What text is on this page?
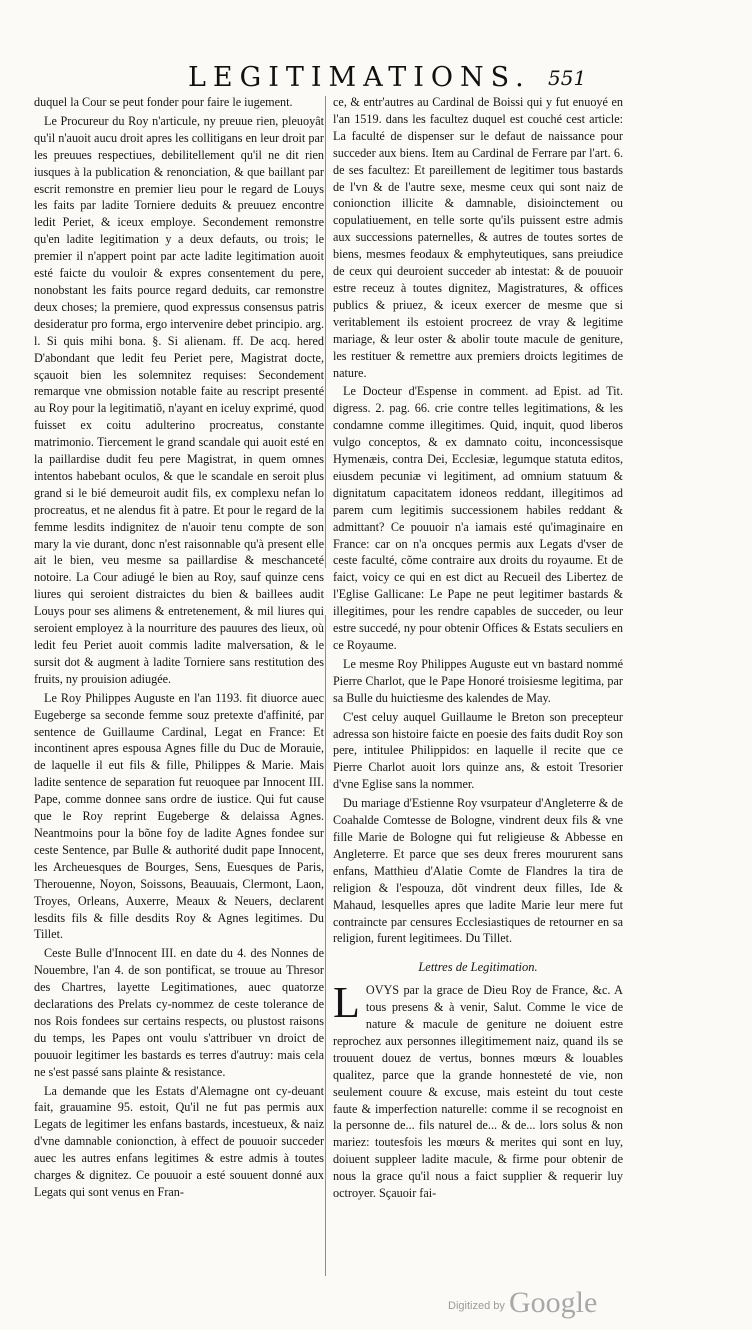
LEGITIMATIONS. 551

duquel la Cour se peut fonder pour faire le iugement.

Le Procureur du Roy n'articule, ny preuue rien, pleuoyât qu'il n'auoit aucu droit apres les collitigans en leur droit par les preuues respectiues, debilitellement qu'il ne dit rien iusques à la publication & renonciation, & que baillant par escrit remonstre en premier lieu pour le regard de Louys les faits par ladite Torniere deduits & preuuez encontre ledit Periet, & iceux employe. Secondement remonstre qu'en ladite legitimation y a deux defauts, ou trois; le premier il n'appert point par acte ladite legitimation auoit esté faicte du vouloir & expres consentement du pere, nonobstant les faits pource regard deduits, car remonstre deux choses; la premiere, quod expressus consensus patris desideratur pro forma, ergo intervenire debet principio. arg. l. Si quis mihi bona. §. Si alienam. ff. De acq. hered D'abondant que ledit feu Periet pere, Magistrat docte, sçauoit bien les solemnitez requises: Secondement remarque vne obmission notable faite au rescript presenté au Roy pour la legitimatiõ, n'ayant en iceluy exprimé, quod fuisset ex coitu adulterino procreatus, constante matrimonio. Tiercement le grand scandale qui auoit esté en la paillardise dudit feu pere Magistrat, in quem omnes intentos habebant oculos, & que le scandale en seroit plus grand si le bié demeuroit audit fils, ex complexu nefan lo procreatus, et ne alendus fit à patre. Et pour le regard de la femme lesdits indignitez de n'auoir tenu compte de son mary la vie durant, donc n'est raisonnable qu'à present elle ait le bien, veu mesme sa paillardise & meschanceté notoire. La Cour adiugé le bien au Roy, sauf quinze cens liures qui seroient distraictes du bien & baillees audit Louys pour ses alimens & entretenement, & mil liures qui seroient employez à la nourriture des pauures des lieux, où ledit feu Periet auoit commis ladite malversation, & le sursit dot & augment à ladite Torniere sans restitution des fruits, ny prouision adiugée.

Le Roy Philippes Auguste en l'an 1193. fit diuorce auec Eugeberge sa seconde femme souz pretexte d'affinité, par sentence de Guillaume Cardinal, Legat en France: Et incontinent apres espousa Agnes fille du Duc de Morauie, de laquelle il eut fils & fille, Philippes & Marie. Mais ladite sentence de separation fut reuoquee par Innocent III. Pape, comme donnee sans ordre de iustice. Qui fut cause que le Roy reprint Eugeberge & delaissa Agnes. Neantmoins pour la bõne foy de ladite Agnes fondee sur ceste Sentence, par Bulle & authorité dudit pape Innocent, les Archeuesques de Bourges, Sens, Euesques de Paris, Therouenne, Noyon, Soissons, Beauuais, Clermont, Laon, Troyes, Orleans, Auxerre, Meaux & Neuers, declarent lesdits fils & fille desdits Roy & Agnes legitimes. Du Tillet.

Ceste Bulle d'Innocent III. en date du 4. des Nonnes de Nouembre, l'an 4. de son pontificat, se trouue au Thresor des Chartres, layette Legitimationes, auec quatorze declarations des Prelats cy-nommez de ceste tolerance de nos Rois fondees sur certains respects, ou plustost raisons du temps, les Papes ont voulu s'attribuer vn droict de pouuoir legitimer les bastards es terres d'autruy: mais cela ne s'est passé sans plainte & resistance.

La demande que les Estats d'Alemagne ont cy-deuant fait, grauamine 95. estoit, Qu'il ne fut pas permis aux Legats de legitimer les enfans bastards, incestueux, & naiz d'vne damnable conionction, à effect de pouuoir succeder auec les autres enfans legitimes & estre admis à toutes charges & dignitez. Ce pouuoir a esté souuent donné aux Legats qui sont venus en Fran-

ce, & entr'autres au Cardinal de Boissi qui y fut enuoyé en l'an 1519. dans les facultez duquel est couché cest article: La faculté de dispenser sur le defaut de naissance pour succeder aux biens. Item au Cardinal de Ferrare par l'art. 6. de ses facultez: Et pareillement de legitimer tous bastards de l'vn & de l'autre sexe, mesme ceux qui sont naiz de conionction illicite & damnable, disioinctement ou copulatiuement, en telle sorte qu'ils puissent estre admis aux successions paternelles, & autres de toutes sortes de biens, mesmes feodaux & emphyteutiques, sans preiudice de ceux qui deuroient succeder ab intestat: & de pouuoir estre receuz à toutes dignitez, Magistratures, & offices publics & priuez, & iceux exercer de mesme que si veritablement ils estoient procreez de vray & legitime mariage, & leur oster & abolir toute macule de geniture, les restituer & remettre aux premiers droicts legitimes de nature.

Le Docteur d'Espense in comment. ad Epist. ad Tit. digress. 2. pag. 66. crie contre telles legitimations, & les condamne comme illegitimes. Quid, inquit, quod liberos vulgo conceptos, & ex damnato coitu, inconcessisque Hymenæis, contra Dei, Ecclesiæ, legumque statuta editos, eiusdem pecuniæ vi legitiment, ad omnium statuum & dignitatum capacitatem idoneos reddant, illegitimos ad parem cum legitimis successionem habiles reddant & admittant? Ce pouuoir n'a iamais esté qu'imaginaire en France: car on n'a oncques permis aux Legats d'vser de ceste faculté, cõme contraire aux droits du royaume. Et de faict, voicy ce qui en est dict au Recueil des Libertez de l'Eglise Gallicane: Le Pape ne peut legitimer bastards & illegitimes, pour les rendre capables de succeder, ou leur estre succedé, ny pour obtenir Offices & Estats seculiers en ce Royaume.

Le mesme Roy Philippes Auguste eut vn bastard nommé Pierre Charlot, que le Pape Honoré troisiesme legitima, par sa Bulle du huictiesme des kalendes de May.

C'est celuy auquel Guillaume le Breton son precepteur adressa son histoire faicte en poesie des faits dudit Roy son pere, intitulee Philippidos: en laquelle il recite que ce Pierre Charlot auoit lors quinze ans, & estoit Tresorier d'vne Eglise sans la nommer.

Du mariage d'Estienne Roy vsurpateur d'Angleterre & de Coahalde Comtesse de Bologne, vindrent deux fils & vne fille Marie de Bologne qui fut religieuse & Abbesse en Angleterre. Et parce que ses deux freres moururent sans enfans, Matthieu d'Alatie Comte de Flandres la tira de religion & l'espouza, dõt vindrent deux filles, Ide & Mahaud, lesquelles apres que ladite Marie leur mere fut contraincte par censures Ecclesiastiques de retourner en sa religion, furent legitimees. Du Tillet.

Lettres de Legitimation.
L OVYS par la grace de Dieu Roy de France, &c. A tous presens & à venir, Salut. Comme le vice de nature & macule de geniture ne doiuent estre reprochez aux personnes illegitimement naiz, quand ils se trouuent douez de vertus, bonnes mœurs & louables qualitez, parce que la grande honnesteté de vie, non seulement couure & excuse, mais esteint du tout ceste faute & imperfection naturelle: comme il se recognoist en la personne de... fils naturel de... & de... lors solus & non mariez: toutesfois les mœurs & merites qui sont en luy, doiuent suppleer ladite macule, & firme pour obtenir de nous la grace qu'il nous a faict supplier & requerir luy octroyer. Sçauoir fai-
Digitized by Google
